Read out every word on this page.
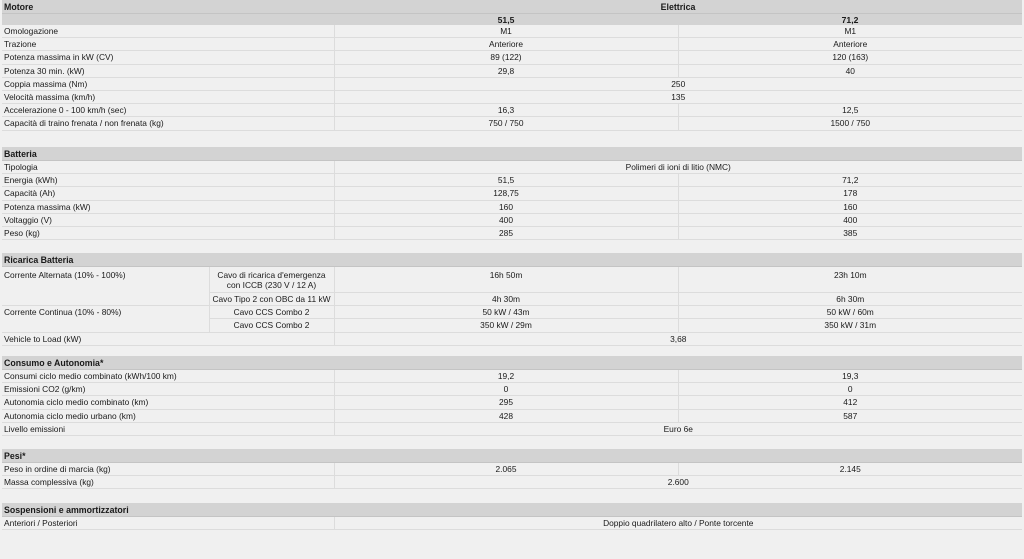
Motore	Elettrica	
	51,5	71,2
Omologazione	M1	M1
Trazione	Anteriore	Anteriore
Potenza massima in kW (CV)	89 (122)	120 (163)
Potenza 30 min. (kW)	29,8	40
Coppia massima (Nm)	250	
Velocità massima (km/h)	135	
Accelerazione 0 - 100 km/h (sec)	16,3	12,5
Capacità di traino frenata / non frenata (kg)	750 / 750	1500 / 750
Batteria		
Tipologia	Polimeri di ioni di litio (NMC)	
Energia (kWh)	51,5	71,2
Capacità (Ah)	128,75	178
Potenza massima (kW)	160	160
Voltaggio (V)	400	400
Peso (kg)	285	385
Ricarica Batteria			
Corrente Alternata (10% - 100%)	Cavo di ricarica d'emergenza con ICCB (230 V / 12 A)	16h 50m	23h 10m
	Cavo Tipo 2 con OBC da 11 kW	4h 30m	6h 30m
Corrente Continua (10% - 80%)	Cavo CCS Combo 2	50 kW / 43m	50 kW / 60m
	Cavo CCS Combo 2	350 kW / 29m	350 kW / 31m
Vehicle to Load (kW)		3,68	
Consumo e Autonomia*		
Consumi ciclo medio combinato (kWh/100 km)	19,2	19,3
Emissioni CO2 (g/km)	0	0
Autonomia ciclo medio combinato (km)	295	412
Autonomia ciclo medio urbano (km)	428	587
Livello emissioni	Euro 6e	
Pesi*		
Peso in ordine di marcia (kg)	2.065	2.145
Massa complessiva (kg)	2.600	
Sospensioni e ammortizzatori
Anteriori / Posteriori	Doppio quadrilatero alto / Ponte torcente
